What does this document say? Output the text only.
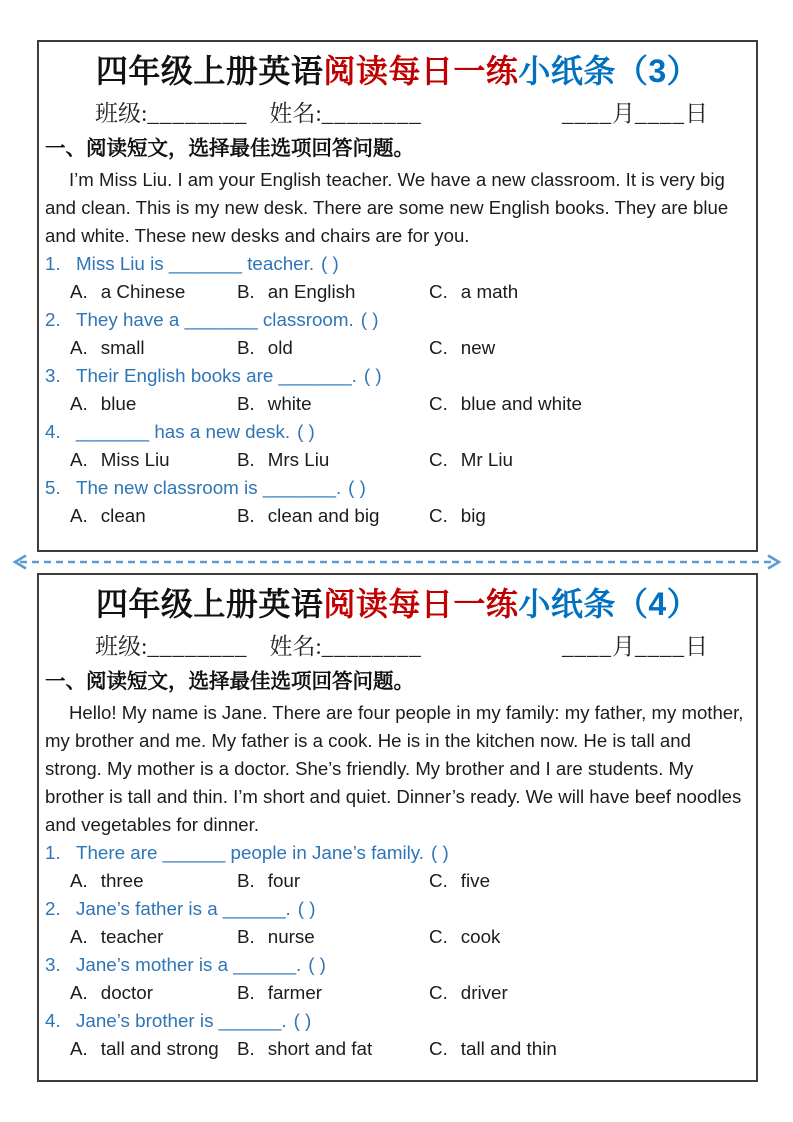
四年级上册英语阅读每日一练小纸条（3）
班级: ________ 姓名: ________	____ 月 ____ 日
一、阅读短文，选择最佳选项回答问题。
I’m Miss Liu. I am your English teacher. We have a new classroom. It is very big and clean. This is my new desk. There are some new English books. They are blue and white. These new desks and chairs are for you.
1. Miss Liu is _______ teacher. ( )
A. a Chinese	B. an English	C. a math
2. They have a _______ classroom. ( )
A. small	B. old	C. new
3. Their English books are _______. ( )
A. blue	B. white	C. blue and white
4. _______ has a new desk. ( )
A. Miss Liu	B. Mrs Liu	C. Mr Liu
5. The new classroom is _______. ( )
A. clean	B. clean and big	C. big
四年级上册英语阅读每日一练小纸条（4）
班级: ________ 姓名: ________	____ 月 ____ 日
一、阅读短文，选择最佳选项回答问题。
Hello! My name is Jane. There are four people in my family: my father, my mother, my brother and me. My father is a cook. He is in the kitchen now. He is tall and strong. My mother is a doctor. She’s friendly. My brother and I are students. My brother is tall and thin. I’m short and quiet. Dinner’s ready. We will have beef noodles and vegetables for dinner.
1. There are ______ people in Jane’s family. ( )
A. three	B. four	C. five
2. Jane’s father is a ______. ( )
A. teacher	B. nurse	C. cook
3. Jane’s mother is a ______. ( )
A. doctor	B. farmer	C. driver
4. Jane’s brother is ______. ( )
A. tall and strong B. short and fat	C. tall and thin
